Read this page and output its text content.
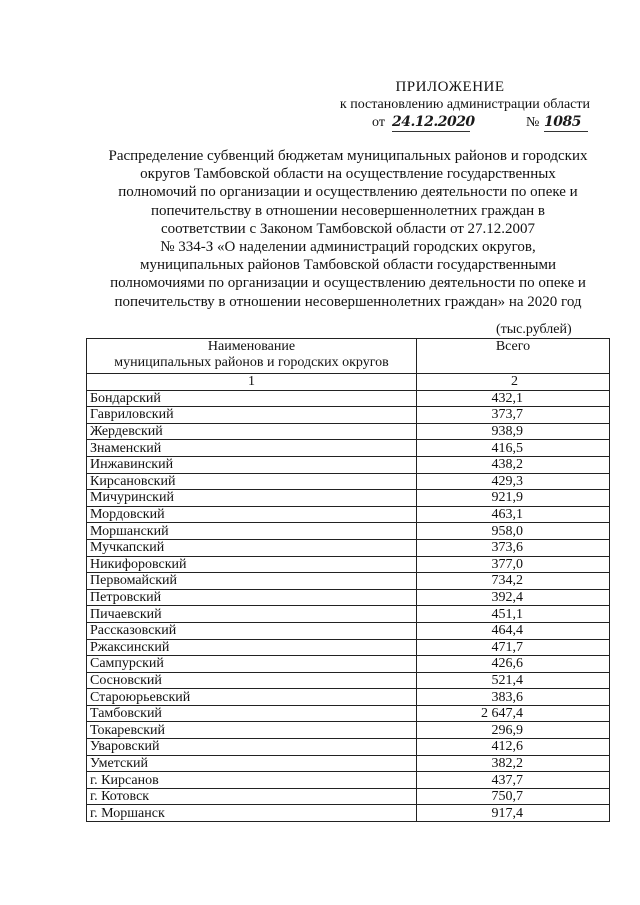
ПРИЛОЖЕНИЕ
к постановлению администрации области
от 24.12.2020	№ 1085
Распределение субвенций бюджетам муниципальных районов и городских
округов Тамбовской области на осуществление государственных
полномочий по организации и осуществлению деятельности по опеке и
попечительству в отношении несовершеннолетних граждан в
соответствии с Законом Тамбовской области от 27.12.2007
№ 334-З «О наделении администраций городских округов,
муниципальных районов Тамбовской области государственными
полномочиями по организации и осуществлению деятельности по опеке и
попечительству в отношении несовершеннолетних граждан» на 2020 год
(тыс.рублей)
Наименование
муниципальных районов и городских округов	Всего
1	2
Бондарский	432,1
Гавриловский	373,7
Жердевский	938,9
Знаменский	416,5
Инжавинский	438,2
Кирсановский	429,3
Мичуринский	921,9
Мордовский	463,1
Моршанский	958,0
Мучкапский	373,6
Никифоровский	377,0
Первомайский	734,2
Петровский	392,4
Пичаевский	451,1
Рассказовский	464,4
Ржаксинский	471,7
Сампурский	426,6
Сосновский	521,4
Староюрьевский	383,6
Тамбовский	2 647,4
Токаревский	296,9
Уваровский	412,6
Уметский	382,2
г. Кирсанов	437,7
г. Котовск	750,7
г. Моршанск	917,4
